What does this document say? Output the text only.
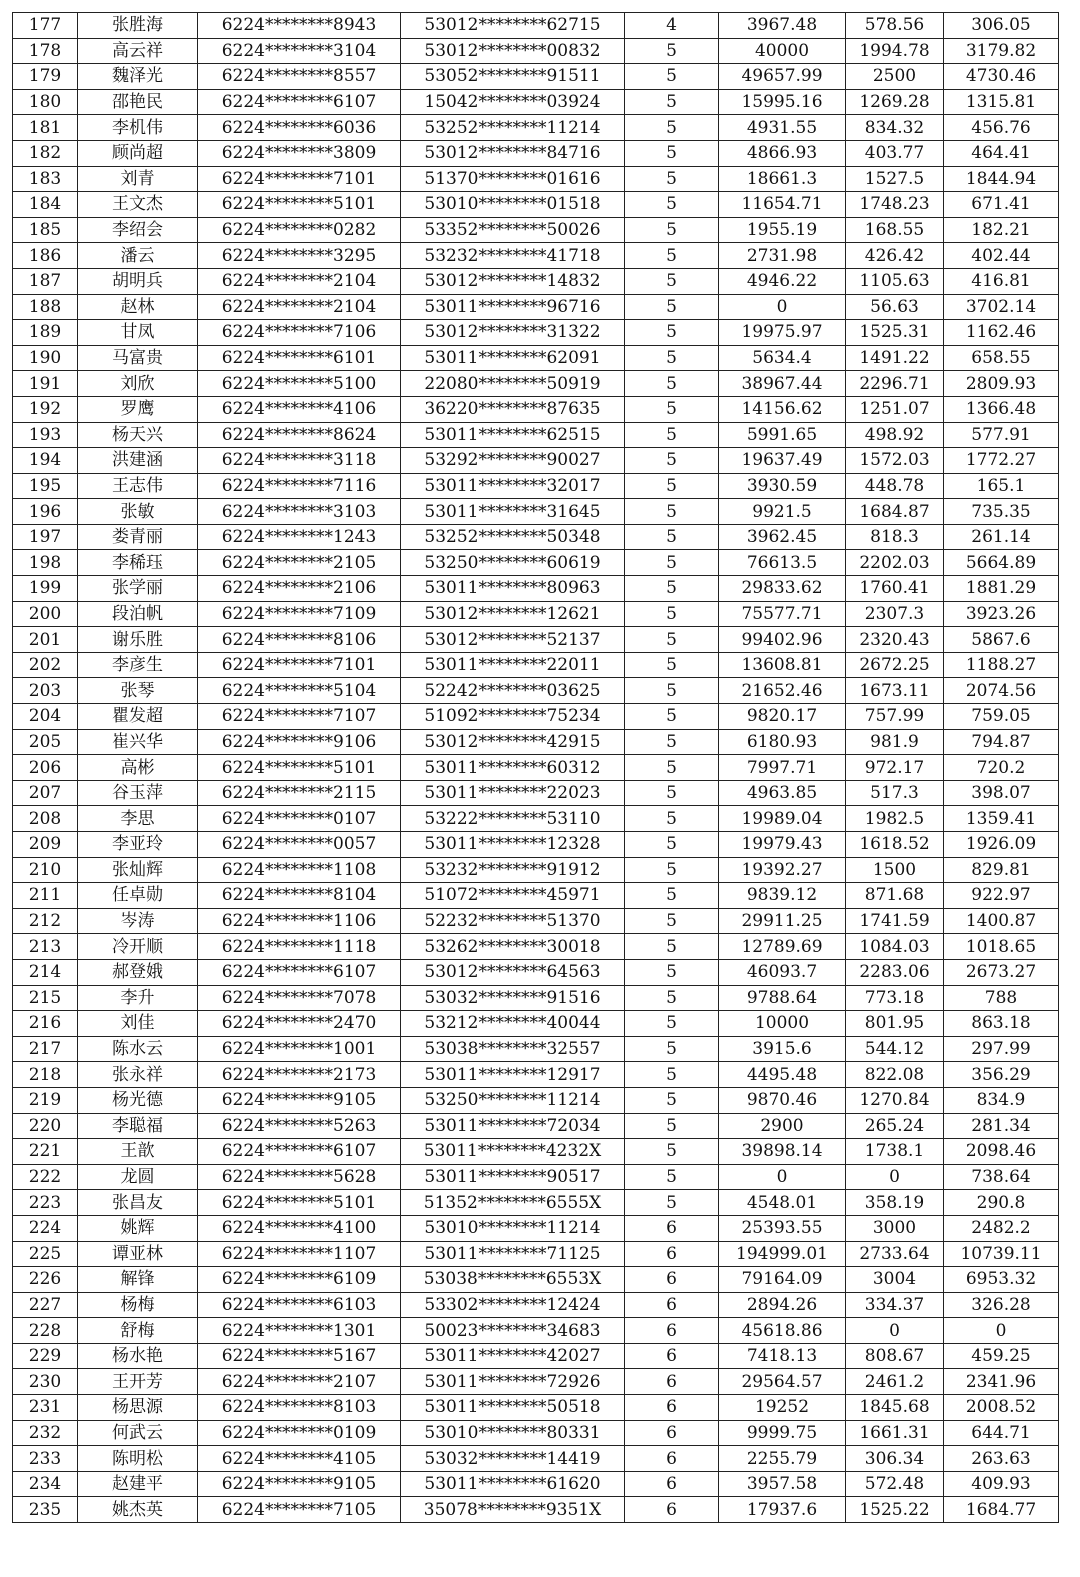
177	张胜海	6224********8943	53012********62715	4	3967.48	578.56	306.05
178	高云祥	6224********3104	53012********00832	5	40000	1994.78	3179.82
179	魏泽光	6224********8557	53052********91511	5	49657.99	2500	4730.46
180	邵艳民	6224********6107	15042********03924	5	15995.16	1269.28	1315.81
181	李机伟	6224********6036	53252********11214	5	4931.55	834.32	456.76
182	顾尚超	6224********3809	53012********84716	5	4866.93	403.77	464.41
183	刘青	6224********7101	51370********01616	5	18661.3	1527.5	1844.94
184	王文杰	6224********5101	53010********01518	5	11654.71	1748.23	671.41
185	李绍会	6224********0282	53352********50026	5	1955.19	168.55	182.21
186	潘云	6224********3295	53232********41718	5	2731.98	426.42	402.44
187	胡明兵	6224********2104	53012********14832	5	4946.22	1105.63	416.81
188	赵林	6224********2104	53011********96716	5	0	56.63	3702.14
189	甘凤	6224********7106	53012********31322	5	19975.97	1525.31	1162.46
190	马富贵	6224********6101	53011********62091	5	5634.4	1491.22	658.55
191	刘欣	6224********5100	22080********50919	5	38967.44	2296.71	2809.93
192	罗鹰	6224********4106	36220********87635	5	14156.62	1251.07	1366.48
193	杨天兴	6224********8624	53011********62515	5	5991.65	498.92	577.91
194	洪建涵	6224********3118	53292********90027	5	19637.49	1572.03	1772.27
195	王志伟	6224********7116	53011********32017	5	3930.59	448.78	165.1
196	张敏	6224********3103	53011********31645	5	9921.5	1684.87	735.35
197	娄青丽	6224********1243	53252********50348	5	3962.45	818.3	261.14
198	李稀珏	6224********2105	53250********60619	5	76613.5	2202.03	5664.89
199	张学丽	6224********2106	53011********80963	5	29833.62	1760.41	1881.29
200	段泊帆	6224********7109	53012********12621	5	75577.71	2307.3	3923.26
201	谢乐胜	6224********8106	53012********52137	5	99402.96	2320.43	5867.6
202	李彦生	6224********7101	53011********22011	5	13608.81	2672.25	1188.27
203	张琴	6224********5104	52242********03625	5	21652.46	1673.11	2074.56
204	瞿发超	6224********7107	51092********75234	5	9820.17	757.99	759.05
205	崔兴华	6224********9106	53012********42915	5	6180.93	981.9	794.87
206	高彬	6224********5101	53011********60312	5	7997.71	972.17	720.2
207	谷玉萍	6224********2115	53011********22023	5	4963.85	517.3	398.07
208	李思	6224********0107	53222********53110	5	19989.04	1982.5	1359.41
209	李亚玲	6224********0057	53011********12328	5	19979.43	1618.52	1926.09
210	张灿辉	6224********1108	53232********91912	5	19392.27	1500	829.81
211	任卓勋	6224********8104	51072********45971	5	9839.12	871.68	922.97
212	岑涛	6224********1106	52232********51370	5	29911.25	1741.59	1400.87
213	冷开顺	6224********1118	53262********30018	5	12789.69	1084.03	1018.65
214	郝登娥	6224********6107	53012********64563	5	46093.7	2283.06	2673.27
215	李升	6224********7078	53032********91516	5	9788.64	773.18	788
216	刘佳	6224********2470	53212********40044	5	10000	801.95	863.18
217	陈水云	6224********1001	53038********32557	5	3915.6	544.12	297.99
218	张永祥	6224********2173	53011********12917	5	4495.48	822.08	356.29
219	杨光德	6224********9105	53250********11214	5	9870.46	1270.84	834.9
220	李聪福	6224********5263	53011********72034	5	2900	265.24	281.34
221	王歆	6224********6107	53011********4232X	5	39898.14	1738.1	2098.46
222	龙圆	6224********5628	53011********90517	5	0	0	738.64
223	张昌友	6224********5101	51352********6555X	5	4548.01	358.19	290.8
224	姚辉	6224********4100	53010********11214	6	25393.55	3000	2482.2
225	谭亚林	6224********1107	53011********71125	6	194999.01	2733.64	10739.11
226	解锋	6224********6109	53038********6553X	6	79164.09	3004	6953.32
227	杨梅	6224********6103	53302********12424	6	2894.26	334.37	326.28
228	舒梅	6224********1301	50023********34683	6	45618.86	0	0
229	杨水艳	6224********5167	53011********42027	6	7418.13	808.67	459.25
230	王开芳	6224********2107	53011********72926	6	29564.57	2461.2	2341.96
231	杨思源	6224********8103	53011********50518	6	19252	1845.68	2008.52
232	何武云	6224********0109	53010********80331	6	9999.75	1661.31	644.71
233	陈明松	6224********4105	53032********14419	6	2255.79	306.34	263.63
234	赵建平	6224********9105	53011********61620	6	3957.58	572.48	409.93
235	姚杰英	6224********7105	35078********9351X	6	17937.6	1525.22	1684.77
